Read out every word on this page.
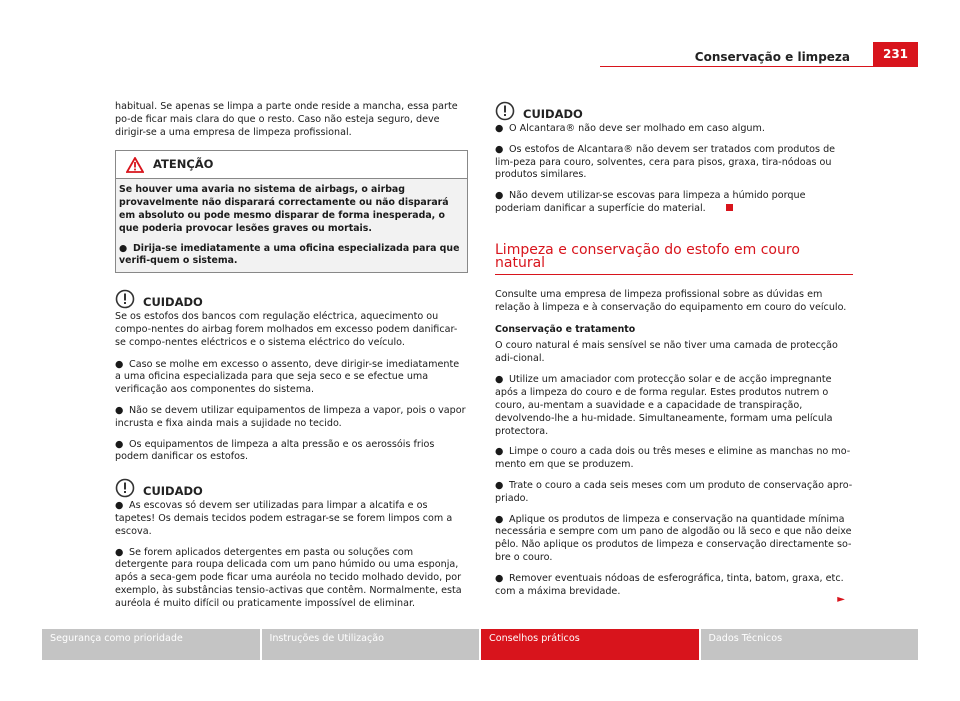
Conservação e limpeza	231
habitual. Se apenas se limpa a parte onde reside a mancha, essa parte po-de ficar mais clara do que o resto. Caso não esteja seguro, deve dirigir-se a uma empresa de limpeza profissional.
ATENÇÃO
Se houver uma avaria no sistema de airbags, o airbag provavelmente não disparará correctamente ou não disparará em absoluto ou pode mesmo disparar de forma inesperada, o que poderia provocar lesões graves ou mortais.
● Dirija-se imediatamente a uma oficina especializada para que verifi-quem o sistema.
CUIDADO
Se os estofos dos bancos com regulação eléctrica, aquecimento ou compo-nentes do airbag forem molhados em excesso podem danificar-se compo-nentes eléctricos e o sistema eléctrico do veículo.
● Caso se molhe em excesso o assento, deve dirigir-se imediatamente a uma oficina especializada para que seja seco e se efectue uma verificação aos componentes do sistema.
● Não se devem utilizar equipamentos de limpeza a vapor, pois o vapor incrusta e fixa ainda mais a sujidade no tecido.
● Os equipamentos de limpeza a alta pressão e os aerossóis frios podem danificar os estofos.
CUIDADO
● As escovas só devem ser utilizadas para limpar a alcatifa e os tapetes! Os demais tecidos podem estragar-se se forem limpos com a escova.
● Se forem aplicados detergentes em pasta ou soluções com detergente para roupa delicada com um pano húmido ou uma esponja, após a seca-gem pode ficar uma auréola no tecido molhado devido, por exemplo, às substâncias tensio-activas que contêm. Normalmente, esta auréola é muito difícil ou praticamente impossível de eliminar.
CUIDADO
● O Alcantara® não deve ser molhado em caso algum.
● Os estofos de Alcantara® não devem ser tratados com produtos de lim-peza para couro, solventes, cera para pisos, graxa, tira-nódoas ou produtos similares.
● Não devem utilizar-se escovas para limpeza a húmido porque poderiam danificar a superfície do material.
Limpeza e conservação do estofo em couro natural
Consulte uma empresa de limpeza profissional sobre as dúvidas em relação à limpeza e à conservação do equipamento em couro do veículo.
Conservação e tratamento
O couro natural é mais sensível se não tiver uma camada de protecção adi-cional.
● Utilize um amaciador com protecção solar e de acção impregnante após a limpeza do couro e de forma regular. Estes produtos nutrem o couro, au-mentam a suavidade e a capacidade de transpiração, devolvendo-lhe a hu-midade. Simultaneamente, formam uma película protectora.
● Limpe o couro a cada dois ou três meses e elimine as manchas no mo-mento em que se produzem.
● Trate o couro a cada seis meses com um produto de conservação apro-priado.
● Aplique os produtos de limpeza e conservação na quantidade mínima necessária e sempre com um pano de algodão ou lã seco e que não deixe pêlo. Não aplique os produtos de limpeza e conservação directamente so-bre o couro.
● Remover eventuais nódoas de esferográfica, tinta, batom, graxa, etc. com a máxima brevidade.
►
Segurança como prioridade	Instruções de Utilização	Conselhos práticos	Dados Técnicos
